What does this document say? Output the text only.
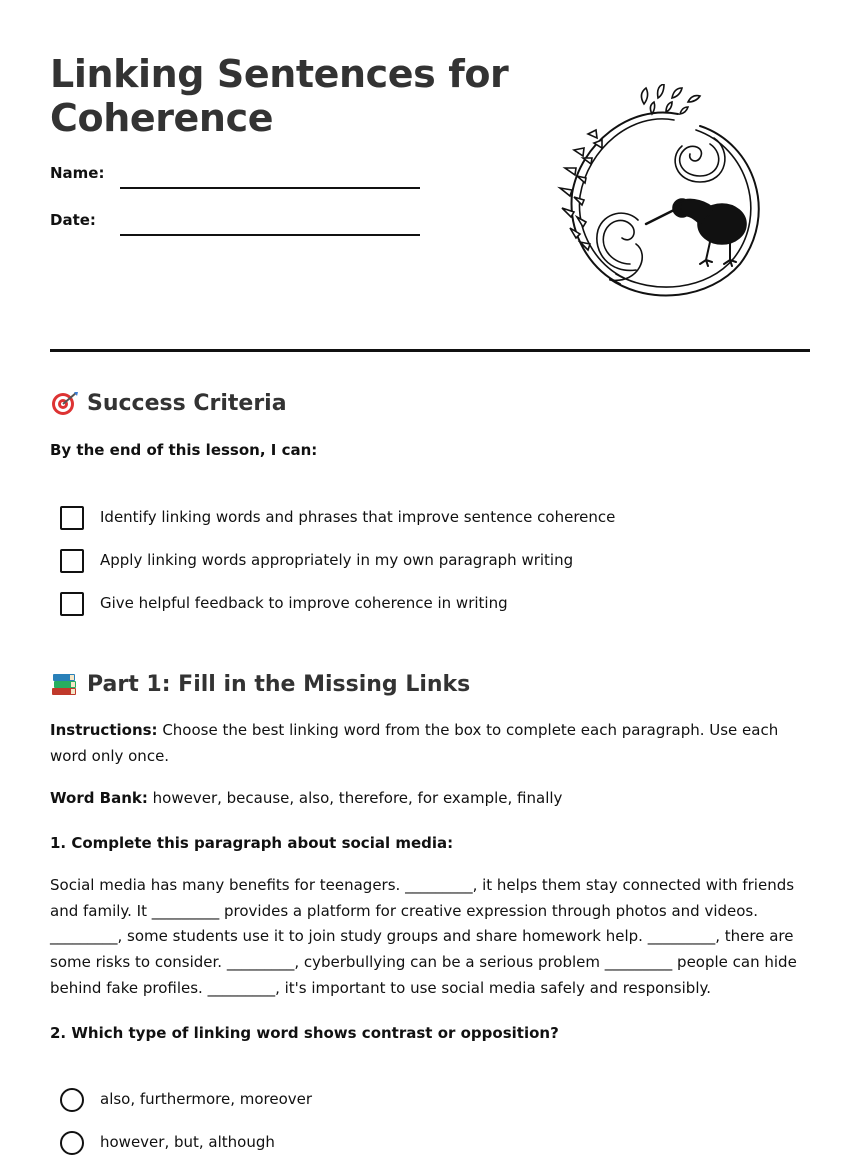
Linking Sentences for Coherence
Name:
Date:
Success Criteria
By the end of this lesson, I can:
Identify linking words and phrases that improve sentence coherence
Apply linking words appropriately in my own paragraph writing
Give helpful feedback to improve coherence in writing
Part 1: Fill in the Missing Links

Instructions: Choose the best linking word from the box to complete each paragraph. Use each word only once.

Word Bank: however, because, also, therefore, for example, finally

1. Complete this paragraph about social media:

Social media has many benefits for teenagers. _________, it helps them stay connected with friends and family. It _________ provides a platform for creative expression through photos and videos. _________, some students use it to join study groups and share homework help. _________, there are some risks to consider. _________, cyberbullying can be a serious problem _________ people can hide behind fake profiles. _________, it's important to use social media safely and responsibly.

2. Which type of linking word shows contrast or opposition?

also, furthermore, moreover
however, but, although
